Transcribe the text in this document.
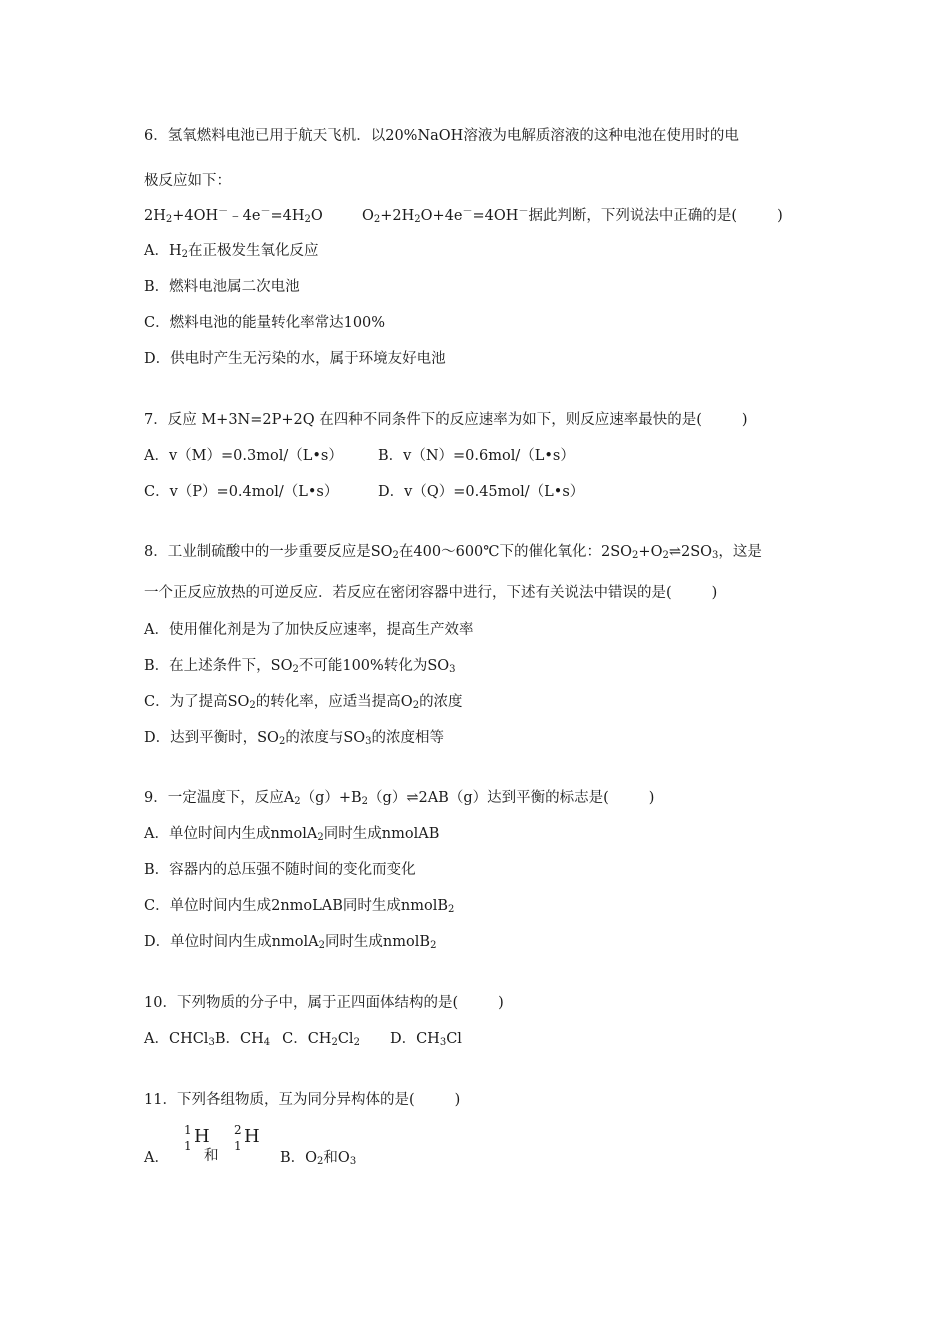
6．氢氧燃料电池已用于航天飞机．以20%NaOH溶液为电解质溶液的这种电池在使用时的电
极反应如下：
$2H_2+4OH^-﹣4e^-=4H_2O$	$O_2+2H_2O+4e^-=4OH^-$据此判断，下列说法中正确的是(	)
A．$H_2$在正极发生氧化反应
B．燃料电池属二次电池
C．燃料电池的能量转化率常达100%
D．供电时产生无污染的水，属于环境友好电池
7．反应 M+3N=2P+2Q 在四种不同条件下的反应速率为如下，则反应速率最快的是(	)
A．v（M）=0.3mol/（L•s） B．v（N）=0.6mol/（L•s）
C．v（P）=0.4mol/（L•s）	D．v（Q）=0.45mol/（L•s）
8．工业制硫酸中的一步重要反应是$SO_2$在400～600℃下的催化氧化：$2SO_2+O_2\rightleftharpoons 2SO_3$，这是
一个正反应放热的可逆反应．若反应在密闭容器中进行，下述有关说法中错误的是(	)
A．使用催化剂是为了加快反应速率，提高生产效率
B．在上述条件下，$SO_2$不可能100%转化为$SO_3$
C．为了提高$SO_2$的转化率，应适当提高$O_2$的浓度
D．达到平衡时，$SO_2$的浓度与$SO_3$的浓度相等
9．一定温度下，反应$A_2(g)+B_2(g)\rightleftharpoons 2AB(g)$达到平衡的标志是(	)
A．单位时间内生成nmolA$_2$同时生成nmolAB
B．容器内的总压强不随时间的变化而变化
C．单位时间内生成2nmoLAB同时生成nmolB$_2$
D．单位时间内生成nmolA$_2$同时生成nmolB$_2$
10．下列物质的分子中，属于正四面体结构的是(	)
A．CHCl$_3$B．$CH_4$ C．$CH_2Cl_2$ D．$CH_3Cl$
11．下列各组物质，互为同分异构体的是(	)
A．
1
1 H
和
2
1 H
B．$O_2$和$O_3$
